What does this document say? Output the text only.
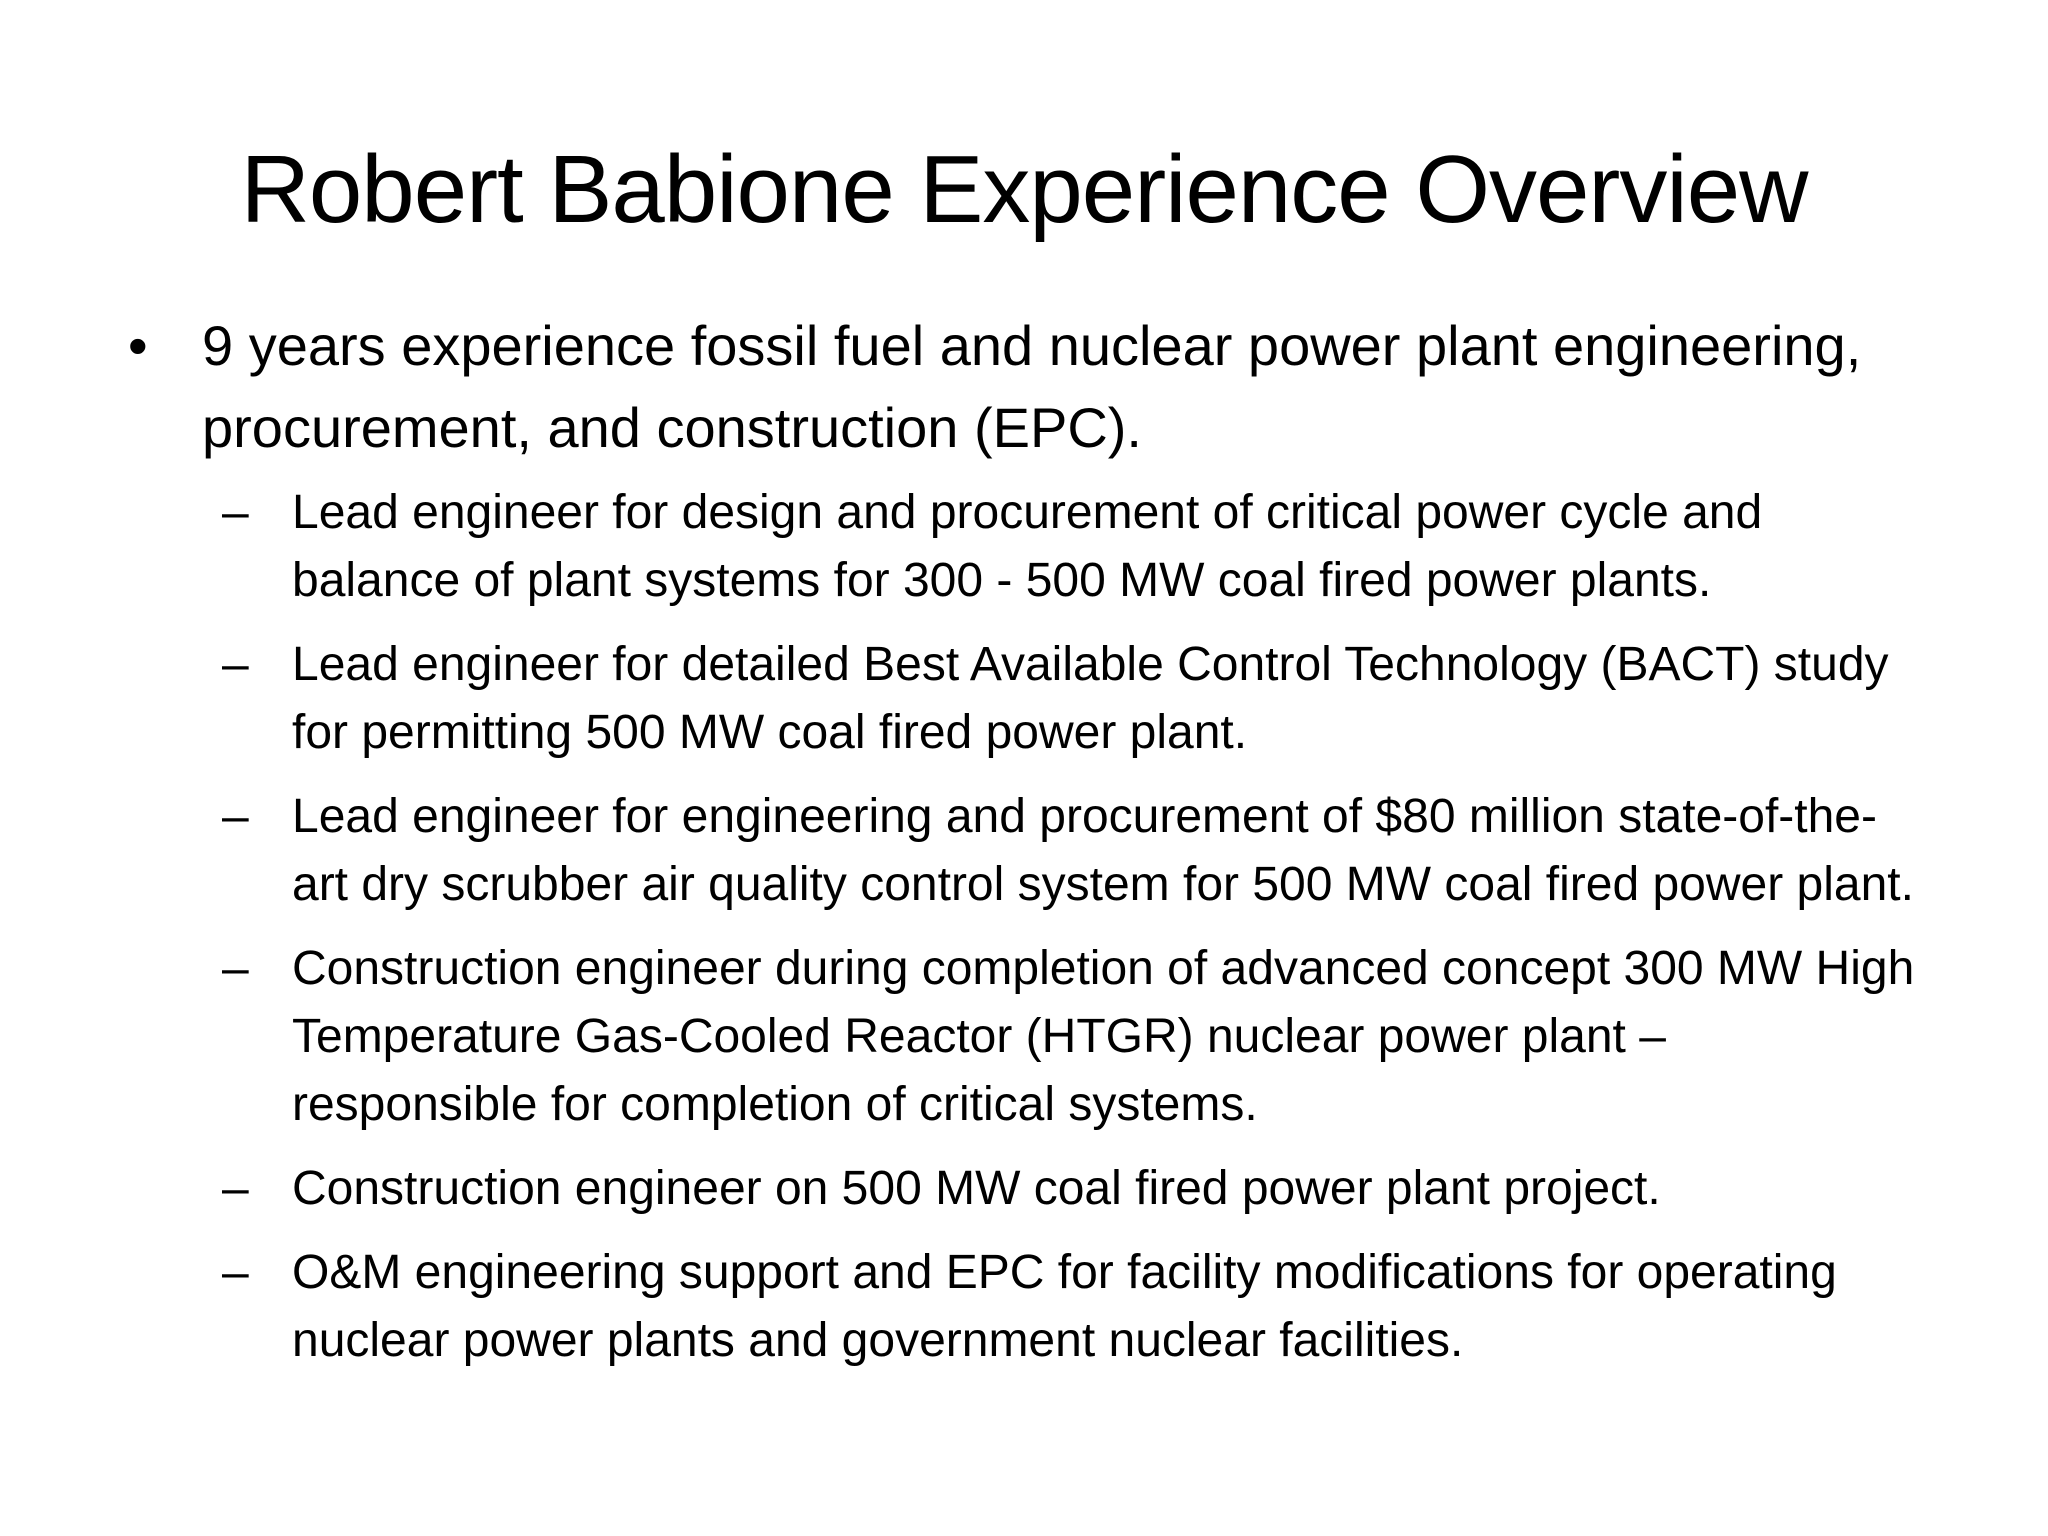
Robert Babione Experience Overview
• 9 years experience fossil fuel and nuclear power plant engineering, procurement, and construction (EPC).
– Lead engineer for design and procurement of critical power cycle and balance of plant systems for 300 - 500 MW coal fired power plants.
– Lead engineer for detailed Best Available Control Technology (BACT) study for permitting 500 MW coal fired power plant.
– Lead engineer for engineering and procurement of $80 million state-of-the-art dry scrubber air quality control system for 500 MW coal fired power plant.
– Construction engineer during completion of advanced concept 300 MW High Temperature Gas-Cooled Reactor (HTGR) nuclear power plant – responsible for completion of critical systems.
– Construction engineer on 500 MW coal fired power plant project.
– O&M engineering support and EPC for facility modifications for operating nuclear power plants and government nuclear facilities.
